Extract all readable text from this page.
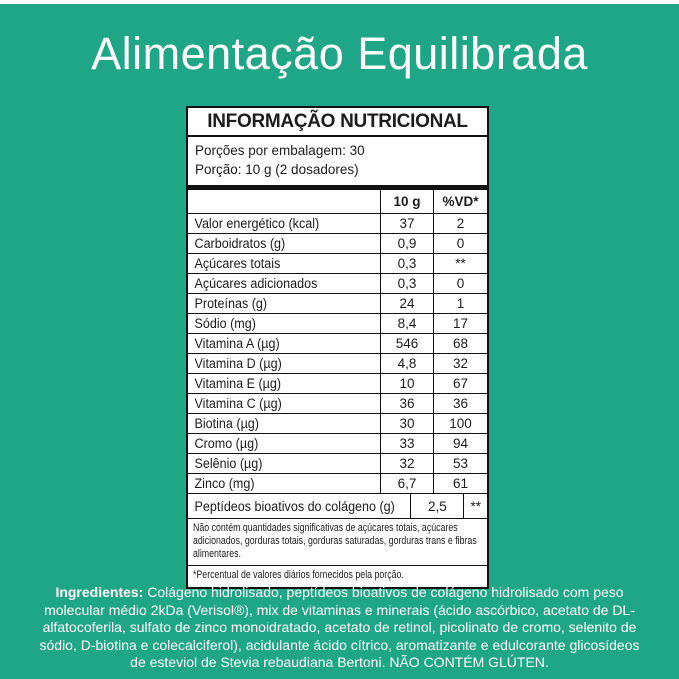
Alimentação Equilibrada
INFORMAÇÃO NUTRICIONAL
Porções por embalagem: 30
Porção: 10 g (2 dosadores)
10 g	%VD*
Valor energético (kcal)	37	2
Carboidratos (g)	0,9	0
Açúcares totais	0,3	**
Açúcares adicionados	0,3	0
Proteínas (g)	24	1
Sódio (mg)	8,4	17
Vitamina A (µg)	546	68
Vitamina D (µg)	4,8	32
Vitamina E (µg)	10	67
Vitamina C (µg)	36	36
Biotina (µg)	30	100
Cromo (µg)	33	94
Selênio (µg)	32	53
Zinco (mg)	6,7	61
Peptídeos bioativos do colágeno (g)	2,5	**
Não contém quantidades significativas de açúcares totais, açúcares adicionados, gorduras totais, gorduras saturadas, gorduras trans e fibras alimentares.
*Percentual de valores diários fornecidos pela porção.

Ingredientes: Colágeno hidrolisado, peptídeos bioativos de colágeno hidrolisado com peso molecular médio 2kDa (Verisol®), mix de vitaminas e minerais (ácido ascórbico, acetato de DL-alfatocoferila, sulfato de zinco monoidratado, acetato de retinol, picolinato de cromo, selenito de sódio, D-biotina e colecalciferol), acidulante ácido cítrico, aromatizante e edulcorante glicosídeos de esteviol de Stevia rebaudiana Bertoni. NÃO CONTÉM GLÚTEN.
